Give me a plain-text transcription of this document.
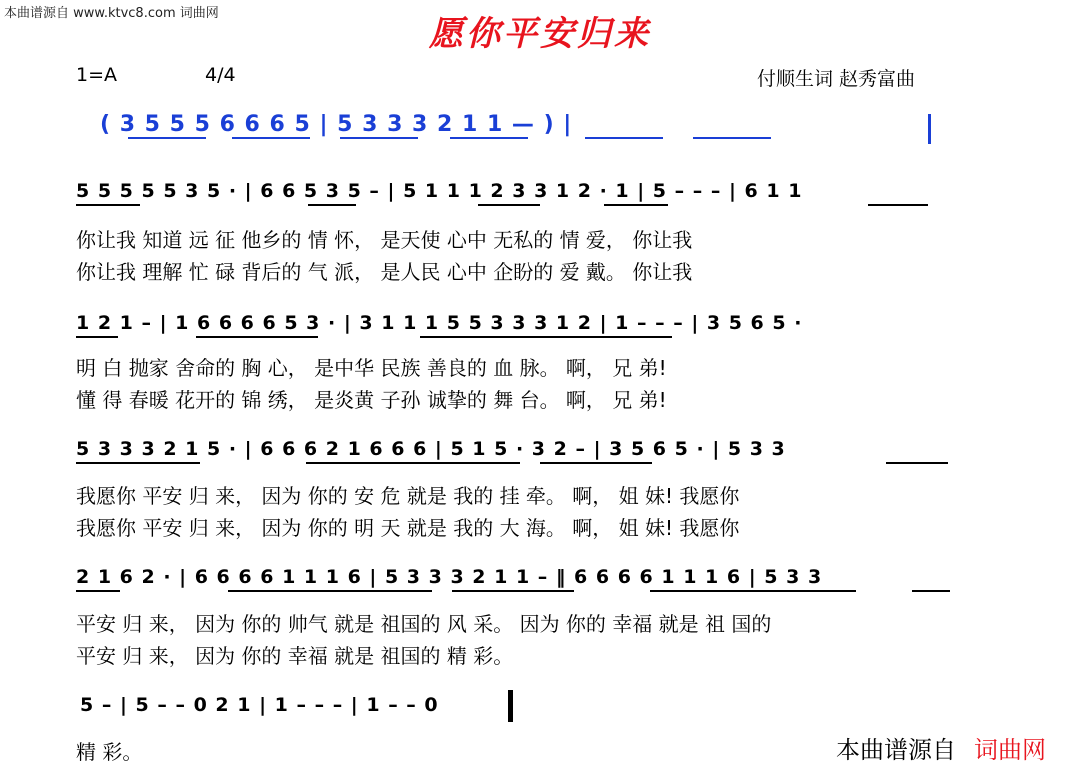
本曲谱源自 www.ktvc8.com 词曲网
愿你平安归来
1=A	4/4	付顺生词 赵秀富曲
( 3 5 5 5 6 6 6 5 | 5 3 3 3 2 1 1 — ) |
5 5 5 5 5 3 5 · | 6 6 5 3 5 – | 5 1 1 1 2 3 3 1 2 · 1 | 5 – – – | 6 1 1
你让我 知道 远 征 他乡的 情 怀， 是天使 心中 无私的 情 爱， 你让我
你让我 理解 忙 碌 背后的 气 派， 是人民 心中 企盼的 爱 戴。 你让我
1 2 1 – | 1 6 6 6 6 5 3 · | 3 1 1 1 5 5 3 3 3 1 2 | 1 – – – | 3 5 6 5 ·
明 白 抛家 舍命的 胸 心， 是中华 民族 善良的 血 脉。 啊， 兄 弟!
懂 得 春暖 花开的 锦 绣， 是炎黄 子孙 诚挚的 舞 台。 啊， 兄 弟!
5 3 3 3 2 1 5 · | 6 6 6 2 1 6 6 6 | 5 1 5 · 3 2 – | 3 5 6 5 · | 5 3 3
我愿你 平安 归 来， 因为 你的 安 危 就是 我的 挂 牵。 啊， 姐 妹! 我愿你
我愿你 平安 归 来， 因为 你的 明 天 就是 我的 大 海。 啊， 姐 妹! 我愿你
2 1 6 2 · | 6 6 6 6 1 1 1 6 | 5 3 3 3 2 1 1 – ‖ 6 6 6 6 1 1 1 6 | 5 3 3
平安 归 来， 因为 你的 帅气 就是 祖国的 风 采。 因为 你的 幸福 就是 祖 国的
平安 归 来， 因为 你的 幸福 就是 祖国的 精 彩。
5 – | 5 – – 0 2 1 | 1 – – – | 1 – – 0
精 彩。	本曲谱源自 词曲网
